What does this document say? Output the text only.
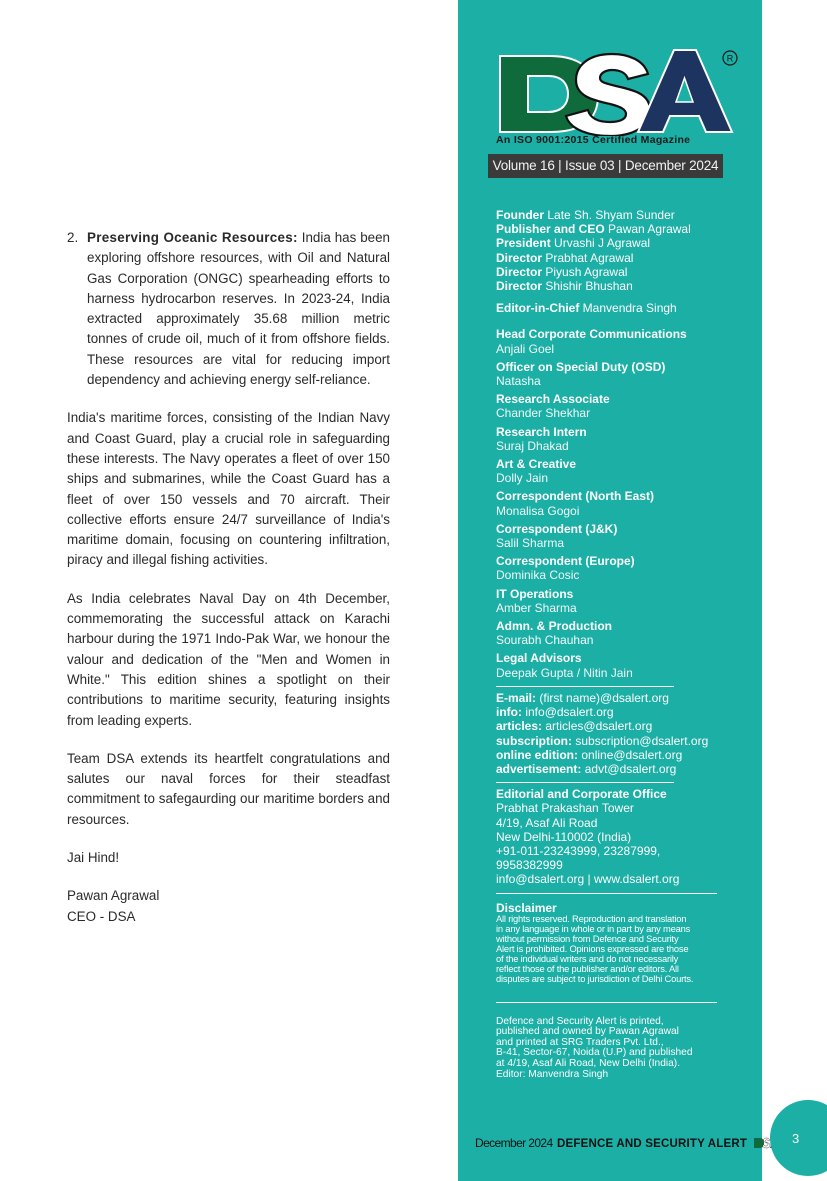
2. Preserving Oceanic Resources: India has been exploring offshore resources, with Oil and Natural Gas Corporation (ONGC) spearheading efforts to harness hydrocarbon reserves. In 2023-24, India extracted approximately 35.68 million metric tonnes of crude oil, much of it from offshore fields. These resources are vital for reducing import dependency and achieving energy self-reliance.

India's maritime forces, consisting of the Indian Navy and Coast Guard, play a crucial role in safeguarding these interests. The Navy operates a fleet of over 150 ships and submarines, while the Coast Guard has a fleet of over 150 vessels and 70 aircraft. Their collective efforts ensure 24/7 surveillance of India's maritime domain, focusing on countering infiltration, piracy and illegal fishing activities.

As India celebrates Naval Day on 4th December, commemorating the successful attack on Karachi harbour during the 1971 Indo-Pak War, we honour the valour and dedication of the "Men and Women in White." This edition shines a spotlight on their contributions to maritime security, featuring insights from leading experts.

Team DSA extends its heartfelt congratulations and salutes our naval forces for their steadfast commitment to safegaurding our maritime borders and resources.

Jai Hind!

Pawan Agrawal
CEO - DSA
R
An ISO 9001:2015 Certified Magazine
Volume 16 | Issue 03 | December 2024
Founder Late Sh. Shyam Sunder
Publisher and CEO Pawan Agrawal
President Urvashi J Agrawal
Director Prabhat Agrawal
Director Piyush Agrawal
Director Shishir Bhushan
Editor-in-Chief Manvendra Singh
Head Corporate Communications
Anjali Goel
Officer on Special Duty (OSD)
Natasha
Research Associate
Chander Shekhar
Research Intern
Suraj Dhakad
Art & Creative
Dolly Jain
Correspondent (North East)
Monalisa Gogoi
Correspondent (J&K)
Salil Sharma
Correspondent (Europe)
Dominika Cosic
IT Operations
Amber Sharma
Admn. & Production
Sourabh Chauhan
Legal Advisors
Deepak Gupta / Nitin Jain
E-mail: (first name)@dsalert.org
info: info@dsalert.org
articles: articles@dsalert.org
subscription: subscription@dsalert.org
online edition: online@dsalert.org
advertisement: advt@dsalert.org
Editorial and Corporate Office
Prabhat Prakashan Tower
4/19, Asaf Ali Road
New Delhi-110002 (India)
+91-011-23243999, 23287999,
9958382999
info@dsalert.org | www.dsalert.org
Disclaimer
All rights reserved. Reproduction and translation
in any language in whole or in part by any means
without permission from Defence and Security
Alert is prohibited. Opinions expressed are those
of the individual writers and do not necessarily
reflect those of the publisher and/or editors. All
disputes are subject to jurisdiction of Delhi Courts.
Defence and Security Alert is printed,
published and owned by Pawan Agrawal
and printed at SRG Traders Pvt. Ltd.,
B-41, Sector-67, Noida (U.P) and published
at 4/19, Asaf Ali Road, New Delhi (India).
Editor: Manvendra Singh
December 2024 DEFENCE AND SECURITY ALERT	3
